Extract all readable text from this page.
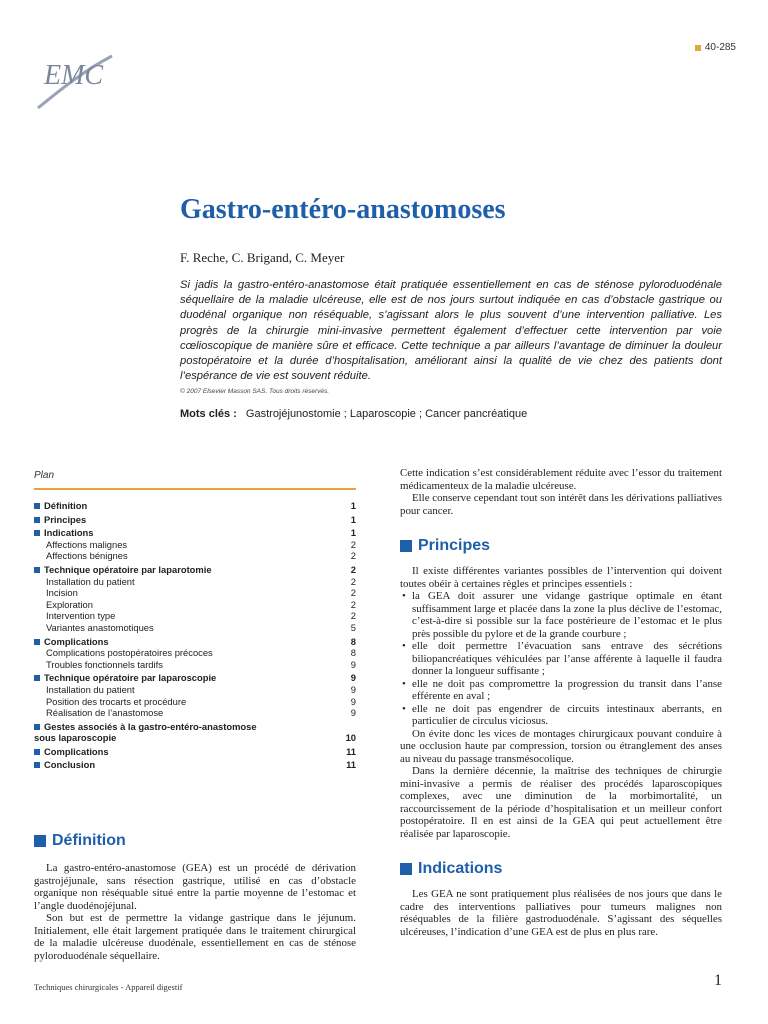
40-285
EMC
Gastro-entéro-anastomoses
F. Reche, C. Brigand, C. Meyer
Si jadis la gastro-entéro-anastomose était pratiquée essentiellement en cas de sténose pyloroduodénale séquellaire de la maladie ulcéreuse, elle est de nos jours surtout indiquée en cas d’obstacle gastrique ou duodénal organique non réséquable, s’agissant alors le plus souvent d’une intervention palliative. Les progrès de la chirurgie mini-invasive permettent également d’effectuer cette intervention par voie cœlioscopique de manière sûre et efficace. Cette technique a par ailleurs l’avantage de diminuer la douleur postopératoire et la durée d’hospitalisation, améliorant ainsi la qualité de vie chez des patients dont l’espérance de vie est souvent réduite.
© 2007 Elsevier Masson SAS. Tous droits réservés.
Mots clés : Gastrojéjunostomie ; Laparoscopie ; Cancer pancréatique
Plan
Définition	1
Principes	1
Indications	1
Affections malignes	2
Affections bénignes	2
Technique opératoire par laparotomie	2
Installation du patient	2
Incision	2
Exploration	2
Intervention type	2
Variantes anastomotiques	5
Complications	8
Complications postopératoires précoces	8
Troubles fonctionnels tardifs	9
Technique opératoire par laparoscopie	9
Installation du patient	9
Position des trocarts et procédure	9
Réalisation de l’anastomose	9
Gestes associés à la gastro-entéro-anastomose
sous laparoscopie	10
Complications	11
Conclusion	11
Définition

La gastro-entéro-anastomose (GEA) est un procédé de dérivation gastrojéjunale, sans résection gastrique, utilisé en cas d’obstacle organique non réséquable situé entre la partie moyenne de l’estomac et l’angle duodénojéjunal.

Son but est de permettre la vidange gastrique dans le jéjunum. Initialement, elle était largement pratiquée dans le traitement chirurgical de la maladie ulcéreuse duodénale, essentiellement en cas de sténose pyloroduodénale séquellaire.

Cette indication s’est considérablement réduite avec l’essor du traitement médicamenteux de la maladie ulcéreuse.

Elle conserve cependant tout son intérêt dans les dérivations palliatives pour cancer.

Principes

Il existe différentes variantes possibles de l’intervention qui doivent toutes obéir à certaines règles et principes essentiels :

• la GEA doit assurer une vidange gastrique optimale en étant suffisamment large et placée dans la zone la plus déclive de l’estomac, c’est-à-dire si possible sur la face postérieure de l’estomac et le plus près possible du pylore et de la grande courbure ;
• elle doit permettre l’évacuation sans entrave des sécrétions biliopancréatiques véhiculées par l’anse afférente à laquelle il faudra donner la longueur suffisante ;
• elle ne doit pas compromettre la progression du transit dans l’anse efférente en aval ;
• elle ne doit pas engendrer de circuits intestinaux aberrants, en particulier de circulus viciosus.

On évite donc les vices de montages chirurgicaux pouvant conduire à une occlusion haute par compression, torsion ou étranglement des anses au niveau du passage transmésocolique.

Dans la dernière décennie, la maîtrise des techniques de chirurgie mini-invasive a permis de réaliser des procédés laparoscopiques complexes, avec une diminution de la morbimortalité, un raccourcissement de la période d’hospitalisation et un meilleur confort postopératoire. Il en est ainsi de la GEA qui peut actuellement être réalisée par laparoscopie.

Indications

Les GEA ne sont pratiquement plus réalisées de nos jours que dans le cadre des interventions palliatives pour tumeurs malignes non réséquables de la filière gastroduodénale. S’agissant des séquelles ulcéreuses, l’indication d’une GEA est de plus en plus rare.

Techniques chirurgicales - Appareil digestif	1
